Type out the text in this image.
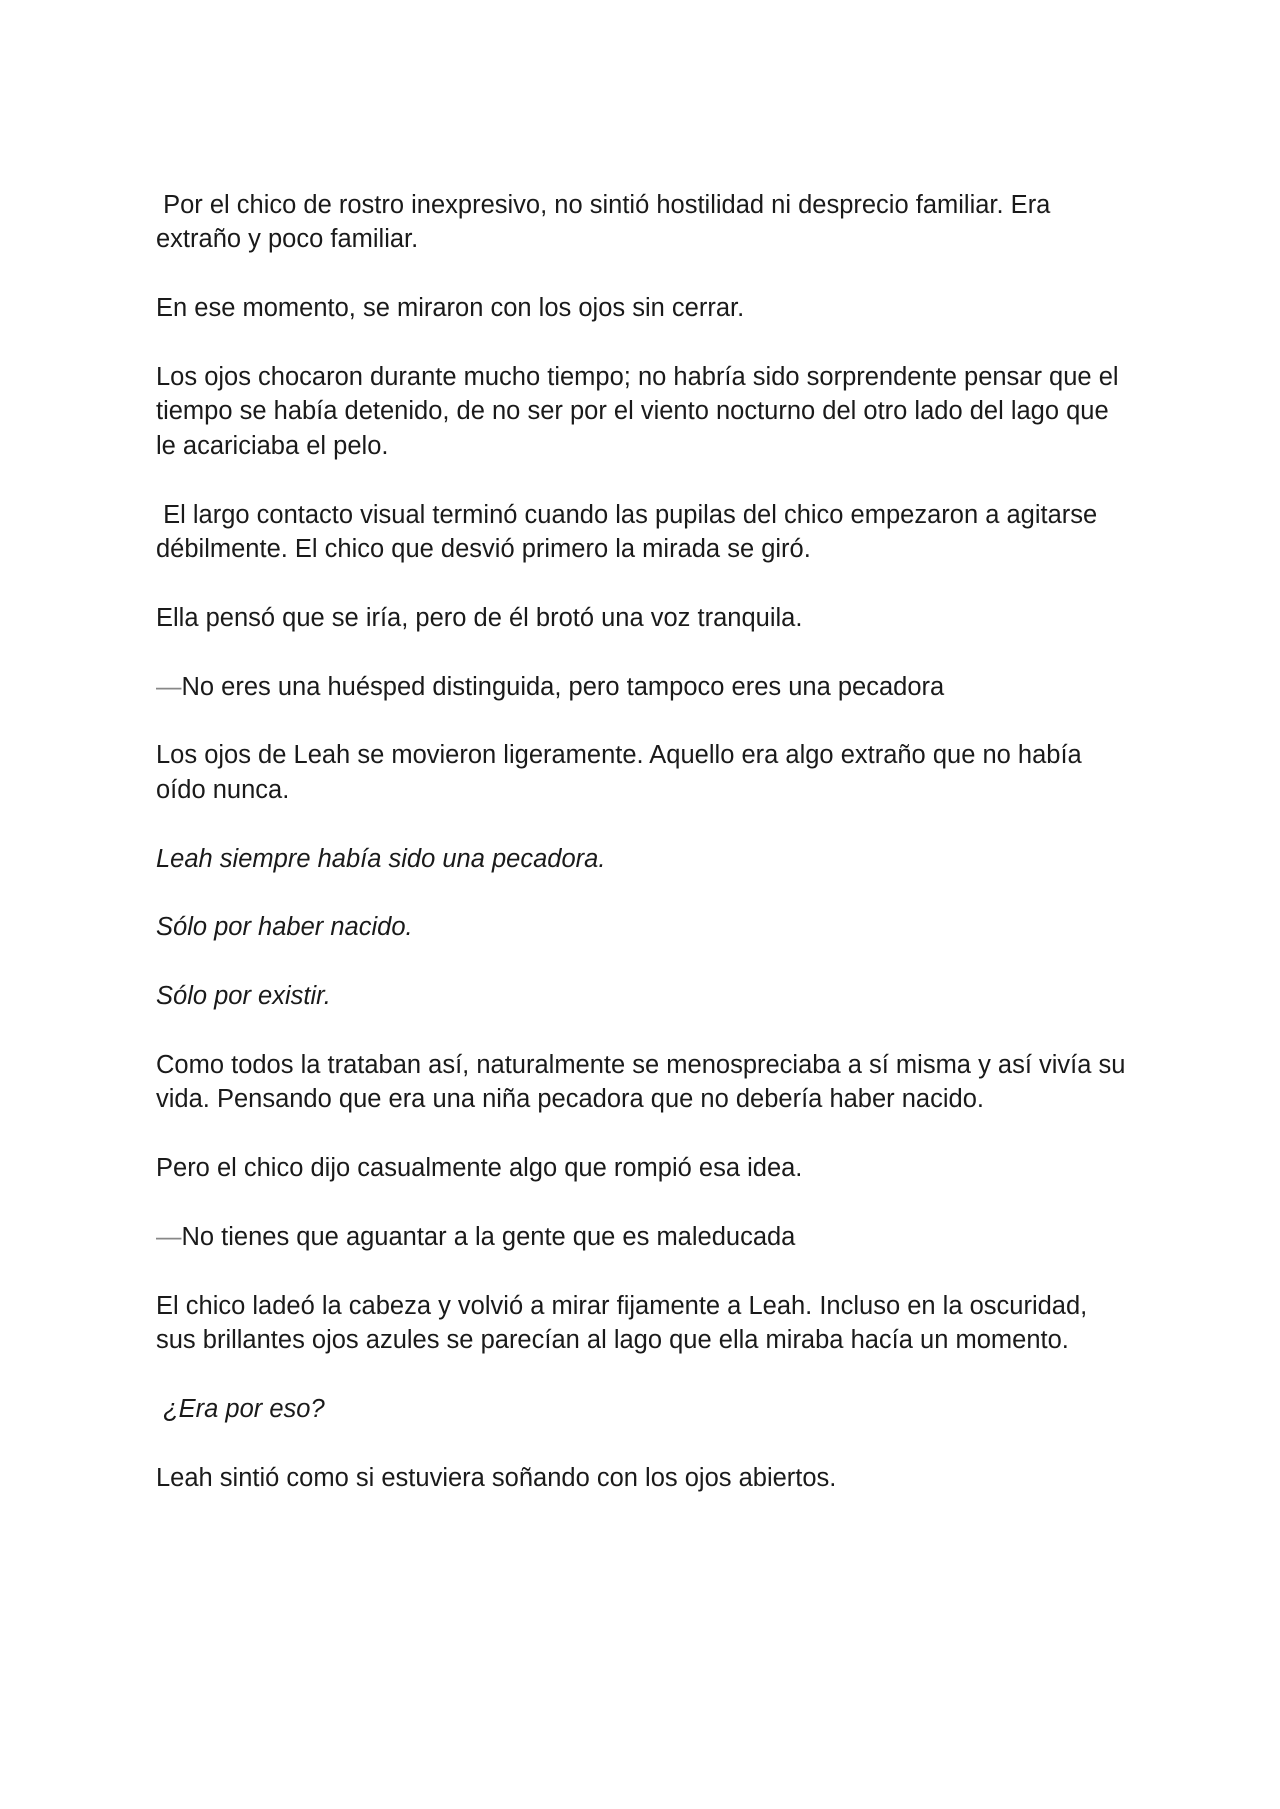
Por el chico de rostro inexpresivo, no sintió hostilidad ni desprecio familiar. Era extraño y poco familiar.

En ese momento, se miraron con los ojos sin cerrar.

Los ojos chocaron durante mucho tiempo; no habría sido sorprendente pensar que el tiempo se había detenido, de no ser por el viento nocturno del otro lado del lago que le acariciaba el pelo.

El largo contacto visual terminó cuando las pupilas del chico empezaron a agitarse débilmente. El chico que desvió primero la mirada se giró.

Ella pensó que se iría, pero de él brotó una voz tranquila.

—No eres una huésped distinguida, pero tampoco eres una pecadora

Los ojos de Leah se movieron ligeramente. Aquello era algo extraño que no había oído nunca.

Leah siempre había sido una pecadora.

Sólo por haber nacido.

Sólo por existir.

Como todos la trataban así, naturalmente se menospreciaba a sí misma y así vivía su vida. Pensando que era una niña pecadora que no debería haber nacido.

Pero el chico dijo casualmente algo que rompió esa idea.

—No tienes que aguantar a la gente que es maleducada

El chico ladeó la cabeza y volvió a mirar fijamente a Leah. Incluso en la oscuridad, sus brillantes ojos azules se parecían al lago que ella miraba hacía un momento.

¿Era por eso?

Leah sintió como si estuviera soñando con los ojos abiertos.
